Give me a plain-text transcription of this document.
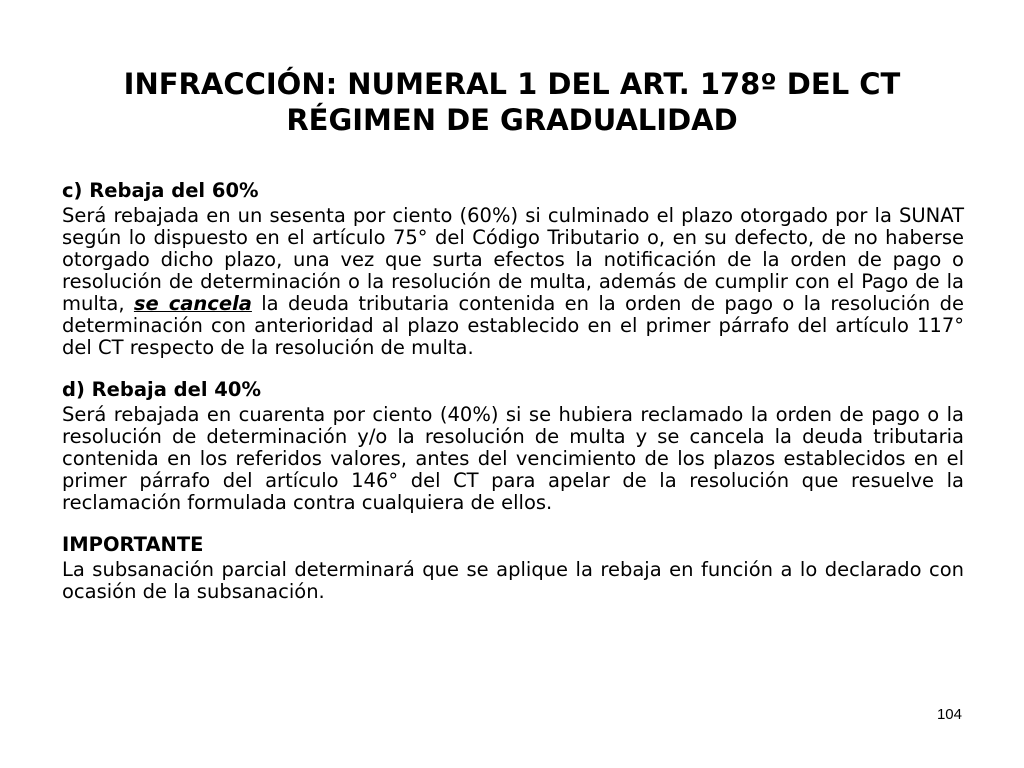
INFRACCIÓN: NUMERAL 1 DEL ART. 178º DEL CT
RÉGIMEN DE GRADUALIDAD

c) Rebaja del 60%

Será rebajada en un sesenta por ciento (60%) si culminado el plazo otorgado por la SUNAT según lo dispuesto en el artículo 75° del Código Tributario o, en su defecto, de no haberse otorgado dicho plazo, una vez que surta efectos la notificación de la orden de pago o resolución de determinación o la resolución de multa, además de cumplir con el Pago de la multa, se cancela la deuda tributaria contenida en la orden de pago o la resolución de determinación con anterioridad al plazo establecido en el primer párrafo del artículo 117° del CT respecto de la resolución de multa.

d) Rebaja del 40%

Será rebajada en cuarenta por ciento (40%) si se hubiera reclamado la orden de pago o la resolución de determinación y/o la resolución de multa y se cancela la deuda tributaria contenida en los referidos valores, antes del vencimiento de los plazos establecidos en el primer párrafo del artículo 146° del CT para apelar de la resolución que resuelve la reclamación formulada contra cualquiera de ellos.

IMPORTANTE

La subsanación parcial determinará que se aplique la rebaja en función a lo declarado con ocasión de la subsanación.

104
